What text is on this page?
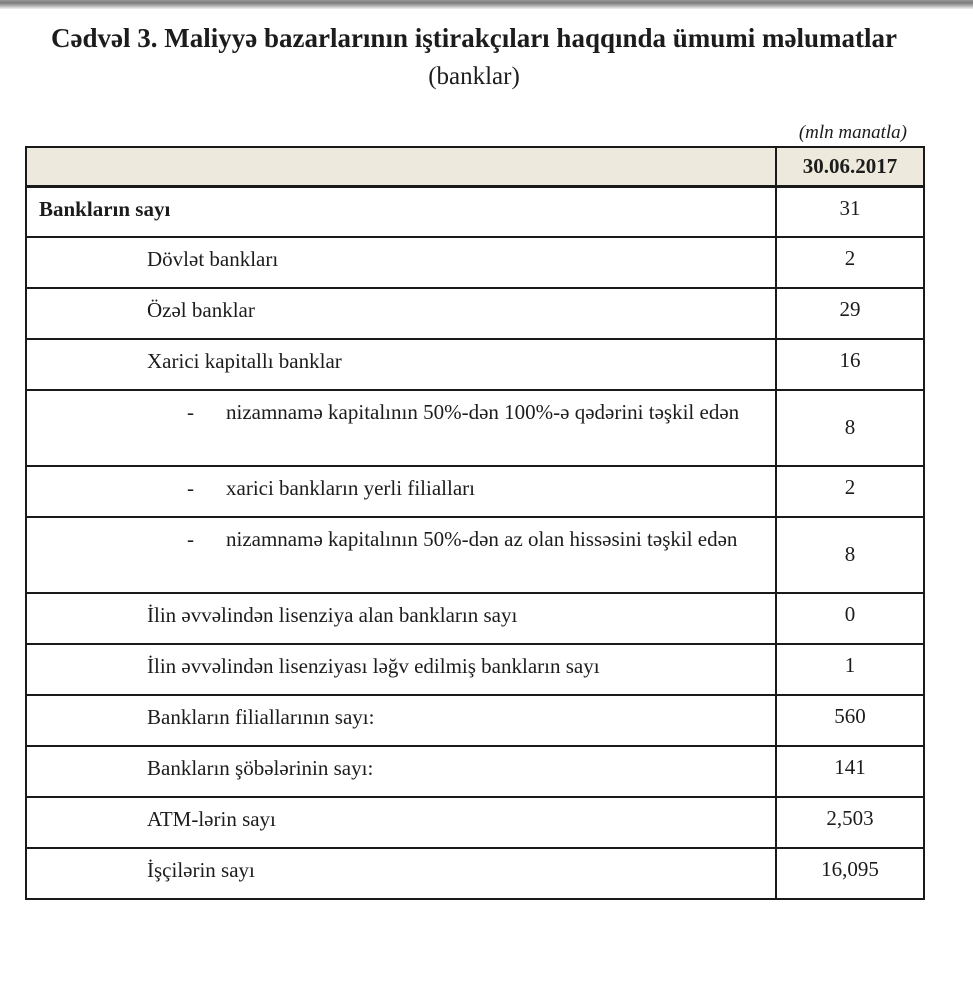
Cədvəl 3. Maliyyə bazarlarının iştirakçıları haqqında ümumi məlumatlar
(banklar)
(mln manatla)
	30.06.2017
Bankların sayı	31
Dövlət bankları	2
Özəl banklar	29
Xarici kapitallı banklar	16

- nizamnamə kapitalının 50%-dən 100%-ə qədərini təşkil edən	8

- xarici bankların yerli filialları	2

- nizamnamə kapitalının 50%-dən az olan hissəsini təşkil edən	8
İlin əvvəlindən lisenziya alan bankların sayı	0
İlin əvvəlindən lisenziyası ləğv edilmiş bankların sayı	1
Bankların filiallarının sayı:	560
Bankların şöbələrinin sayı:	141
ATM-lərin sayı	2,503
İşçilərin sayı	16,095
